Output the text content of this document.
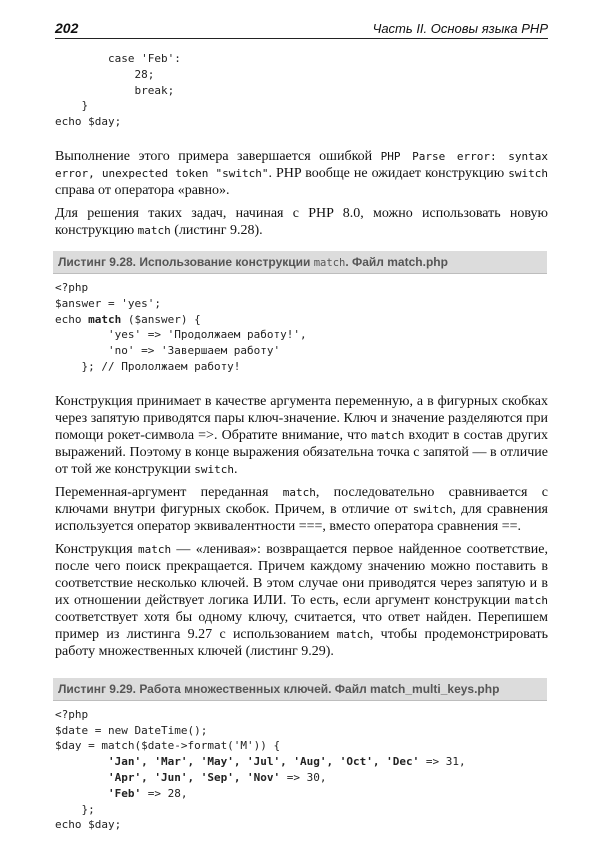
202	Часть II. Основы языка PHP
case 'Feb':
28;
break;
}
echo $day;
Выполнение этого примера завершается ошибкой PHP Parse error: syntax error, unexpected token "switch". PHP вообще не ожидает конструкцию switch справа от оператора «равно».
Для решения таких задач, начиная с PHP 8.0, можно использовать новую конструкцию match (листинг 9.28).
Листинг 9.28. Использование конструкции match. Файл match.php
<?php
$answer = 'yes';
echo match ($answer) {
'yes' => 'Продолжаем работу!',
'no' => 'Завершаем работу'
}; // Прололжаем работу!
Конструкция принимает в качестве аргумента переменную, а в фигурных скобках через запятую приводятся пары ключ-значение. Ключ и значение разделяются при помощи рокет-символа =>. Обратите внимание, что match входит в состав других выражений. Поэтому в конце выражения обязательна точка с запятой — в отличие от той же конструкции switch.
Переменная-аргумент переданная match, последовательно сравнивается с ключами внутри фигурных скобок. Причем, в отличие от switch, для сравнения используется оператор эквивалентности ===, вместо оператора сравнения ==.
Конструкция match — «ленивая»: возвращается первое найденное соответствие, после чего поиск прекращается. Причем каждому значению можно поставить в соответствие несколько ключей. В этом случае они приводятся через запятую и в их отношении действует логика ИЛИ. То есть, если аргумент конструкции match соответствует хотя бы одному ключу, считается, что ответ найден. Перепишем пример из листинга 9.27 с использованием match, чтобы продемонстрировать работу множественных ключей (листинг 9.29).
Листинг 9.29. Работа множественных ключей. Файл match_multi_keys.php
<?php
$date = new DateTime();
$day = match($date->format('M')) {
'Jan', 'Mar', 'May', 'Jul', 'Aug', 'Oct', 'Dec' => 31,
'Apr', 'Jun', 'Sep', 'Nov' => 30,
'Feb' => 28,
};
echo $day;
